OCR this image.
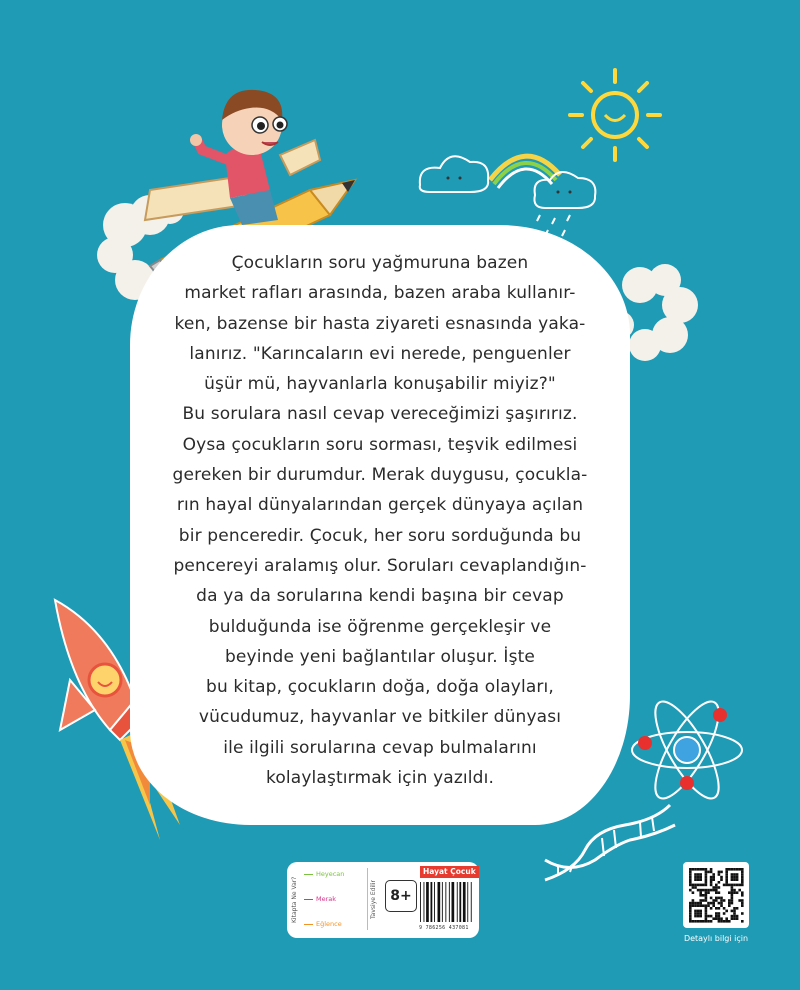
Çocukların soru yağmuruna bazen
market rafları arasında, bazen araba kullanır-
ken, bazense bir hasta ziyareti esnasında yaka-
lanırız. "Karıncaların evi nerede, penguenler
üşür mü, hayvanlarla konuşabilir miyiz?"
Bu sorulara nasıl cevap vereceğimizi şaşırırız.
Oysa çocukların soru sorması, teşvik edilmesi
gereken bir durumdur. Merak duygusu, çocukla-
rın hayal dünyalarından gerçek dünyaya açılan
bir penceredir. Çocuk, her soru sorduğunda bu
pencereyi aralamış olur. Soruları cevaplandığın-
da ya da sorularına kendi başına bir cevap
bulduğunda ise öğrenme gerçekleşir ve
beyinde yeni bağlantılar oluşur. İşte
bu kitap, çocukların doğa, doğa olayları,
vücudumuz, hayvanlar ve bitkiler dünyası
ile ilgili sorularına cevap bulmalarını
kolaylaştırmak için yazıldı.
Kitapta Ne Var?
Heyecan
Merak
Eğlence
Tavsiye Edilir 8+
Hayat Çocuk
9 786256 437081
Detaylı bilgi için
